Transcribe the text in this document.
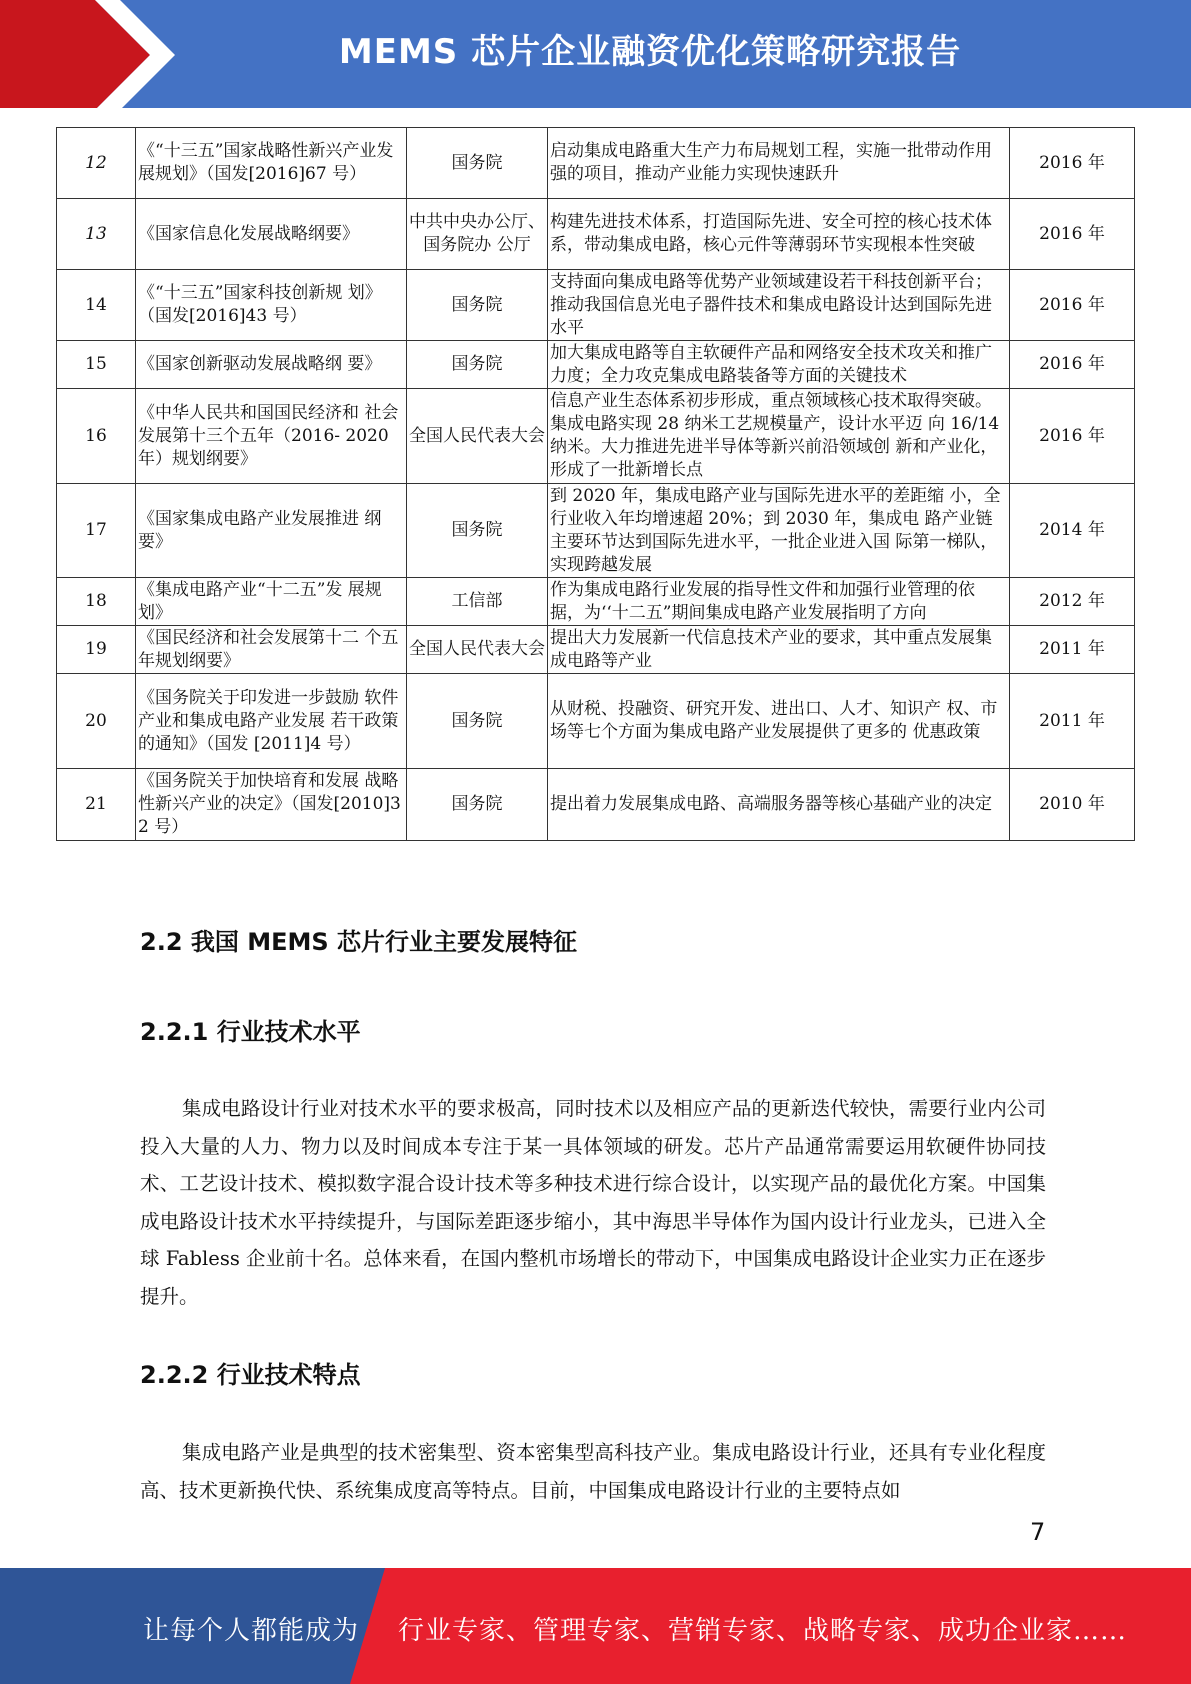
MEMS 芯片企业融资优化策略研究报告
12	《“十三五”国家战略性新兴产业发展规划》（国发[2016]67 号）	国务院	启动集成电路重大生产力布局规划工程，实施一批带动作用强的项目，推动产业能力实现快速跃升	2016 年
13	《国家信息化发展战略纲要》	中共中央办公厅、国务院办 公厅	构建先进技术体系，打造国际先进、安全可控的核心技术体系，带动集成电路，核心元件等薄弱环节实现根本性突破	2016 年
14	《“十三五”国家科技创新规 划》（国发[2016]43 号）	国务院	支持面向集成电路等优势产业领域建设若干科技创新平台；推动我国信息光电子器件技术和集成电路设计达到国际先进水平	2016 年
15	《国家创新驱动发展战略纲 要》	国务院	加大集成电路等自主软硬件产品和网络安全技术攻关和推广力度；全力攻克集成电路装备等方面的关键技术	2016 年
16	《中华人民共和国国民经济和 社会发展第十三个五年（2016- 2020 年）规划纲要》	全国人民代表大会	信息产业生态体系初步形成，重点领域核心技术取得突破。集成电路实现 28 纳米工艺规模量产，设计水平迈 向 16/14 纳米。大力推进先进半导体等新兴前沿领域创 新和产业化，形成了一批新增长点	2016 年
17	《国家集成电路产业发展推进 纲要》	国务院	到 2020 年，集成电路产业与国际先进水平的差距缩 小，全行业收入年均增速超 20%；到 2030 年，集成电 路产业链主要环节达到国际先进水平，一批企业进入国 际第一梯队，实现跨越发展	2014 年
18	《集成电路产业“十二五”发 展规划》	工信部	作为集成电路行业发展的指导性文件和加强行业管理的依据，为‘‘十二五”期间集成电路产业发展指明了方向	2012 年
19	《国民经济和社会发展第十二 个五年规划纲要》	全国人民代表大会	提出大力发展新一代信息技术产业的要求，其中重点发展集成电路等产业	2011 年
20	《国务院关于印发进一步鼓励 软件产业和集成电路产业发展 若干政策的通知》（国发 [2011]4 号）	国务院	从财税、投融资、研究开发、进出口、人才、知识产 权、市场等七个方面为集成电路产业发展提供了更多的 优惠政策	2011 年
21	《国务院关于加快培育和发展 战略性新兴产业的决定》（国发[2010]32 号）	国务院	提出着力发展集成电路、高端服务器等核心基础产业的决定	2010 年
2.2 我国 MEMS 芯片行业主要发展特征
2.2.1 行业技术水平

集成电路设计行业对技术水平的要求极高，同时技术以及相应产品的更新迭代较快，需要行业内公司投入大量的人力、物力以及时间成本专注于某一具体领域的研发。芯片产品通常需要运用软硬件协同技术、工艺设计技术、模拟数字混合设计技术等多种技术进行综合设计，以实现产品的最优化方案。中国集成电路设计技术水平持续提升，与国际差距逐步缩小，其中海思半导体作为国内设计行业龙头，已进入全球 Fabless 企业前十名。总体来看，在国内整机市场增长的带动下，中国集成电路设计企业实力正在逐步提升。

2.2.2 行业技术特点

集成电路产业是典型的技术密集型、资本密集型高科技产业。集成电路设计行业，还具有专业化程度高、技术更新换代快、系统集成度高等特点。目前，中国集成电路设计行业的主要特点如

7
让每个人都能成为 行业专家、管理专家、营销专家、战略专家、成功企业家……
